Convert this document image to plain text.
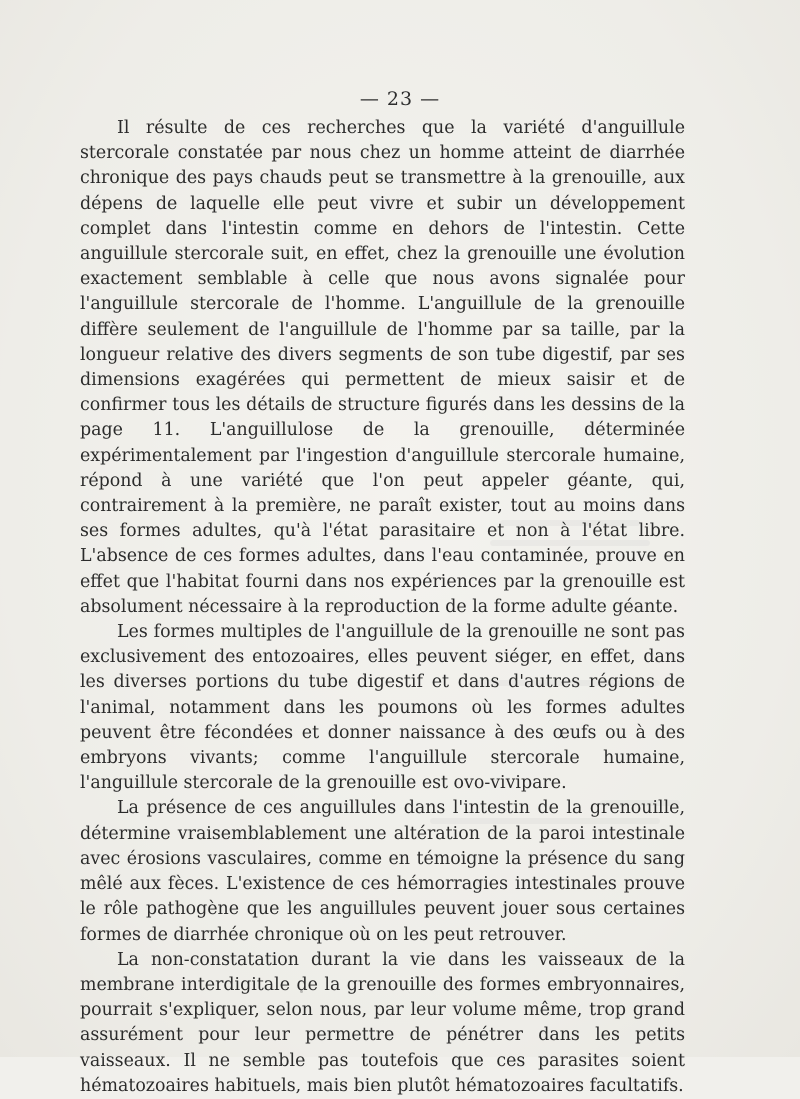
— 23 —

Il résulte de ces recherches que la variété d'anguillule stercorale constatée par nous chez un homme atteint de diarrhée chronique des pays chauds peut se transmettre à la grenouille, aux dépens de laquelle elle peut vivre et subir un développement complet dans l'intestin comme en dehors de l'intestin. Cette anguillule stercorale suit, en effet, chez la grenouille une évolution exactement semblable à celle que nous avons signalée pour l'anguillule stercorale de l'homme. L'anguillule de la grenouille diffère seulement de l'anguillule de l'homme par sa taille, par la longueur relative des divers segments de son tube digestif, par ses dimensions exagérées qui permettent de mieux saisir et de confirmer tous les détails de structure figurés dans les dessins de la page 11. L'anguillulose de la grenouille, déterminée expérimentalement par l'ingestion d'anguillule stercorale humaine, répond à une variété que l'on peut appeler géante, qui, contrairement à la première, ne paraît exister, tout au moins dans ses formes adultes, qu'à l'état parasitaire et non à l'état libre. L'absence de ces formes adultes, dans l'eau contaminée, prouve en effet que l'habitat fourni dans nos expériences par la grenouille est absolument nécessaire à la reproduction de la forme adulte géante.

Les formes multiples de l'anguillule de la grenouille ne sont pas exclusivement des entozoaires, elles peuvent siéger, en effet, dans les diverses portions du tube digestif et dans d'autres régions de l'animal, notamment dans les poumons où les formes adultes peuvent être fécondées et donner naissance à des œufs ou à des embryons vivants; comme l'anguillule stercorale humaine, l'anguillule stercorale de la grenouille est ovo-vivipare.

La présence de ces anguillules dans l'intestin de la grenouille, détermine vraisemblablement une altération de la paroi intestinale avec érosions vasculaires, comme en témoigne la présence du sang mêlé aux fèces. L'existence de ces hémorragies intestinales prouve le rôle pathogène que les anguillules peuvent jouer sous certaines formes de diarrhée chronique où on les peut retrouver.

La non-constatation durant la vie dans les vaisseaux de la membrane interdigitale de la grenouille des formes embryonnaires, pourrait s'expliquer, selon nous, par leur volume même, trop grand assurément pour leur permettre de pénétrer dans les petits vaisseaux. Il ne semble pas toutefois que ces parasites soient hématozoaires habituels, mais bien plutôt hématozoaires facultatifs.
